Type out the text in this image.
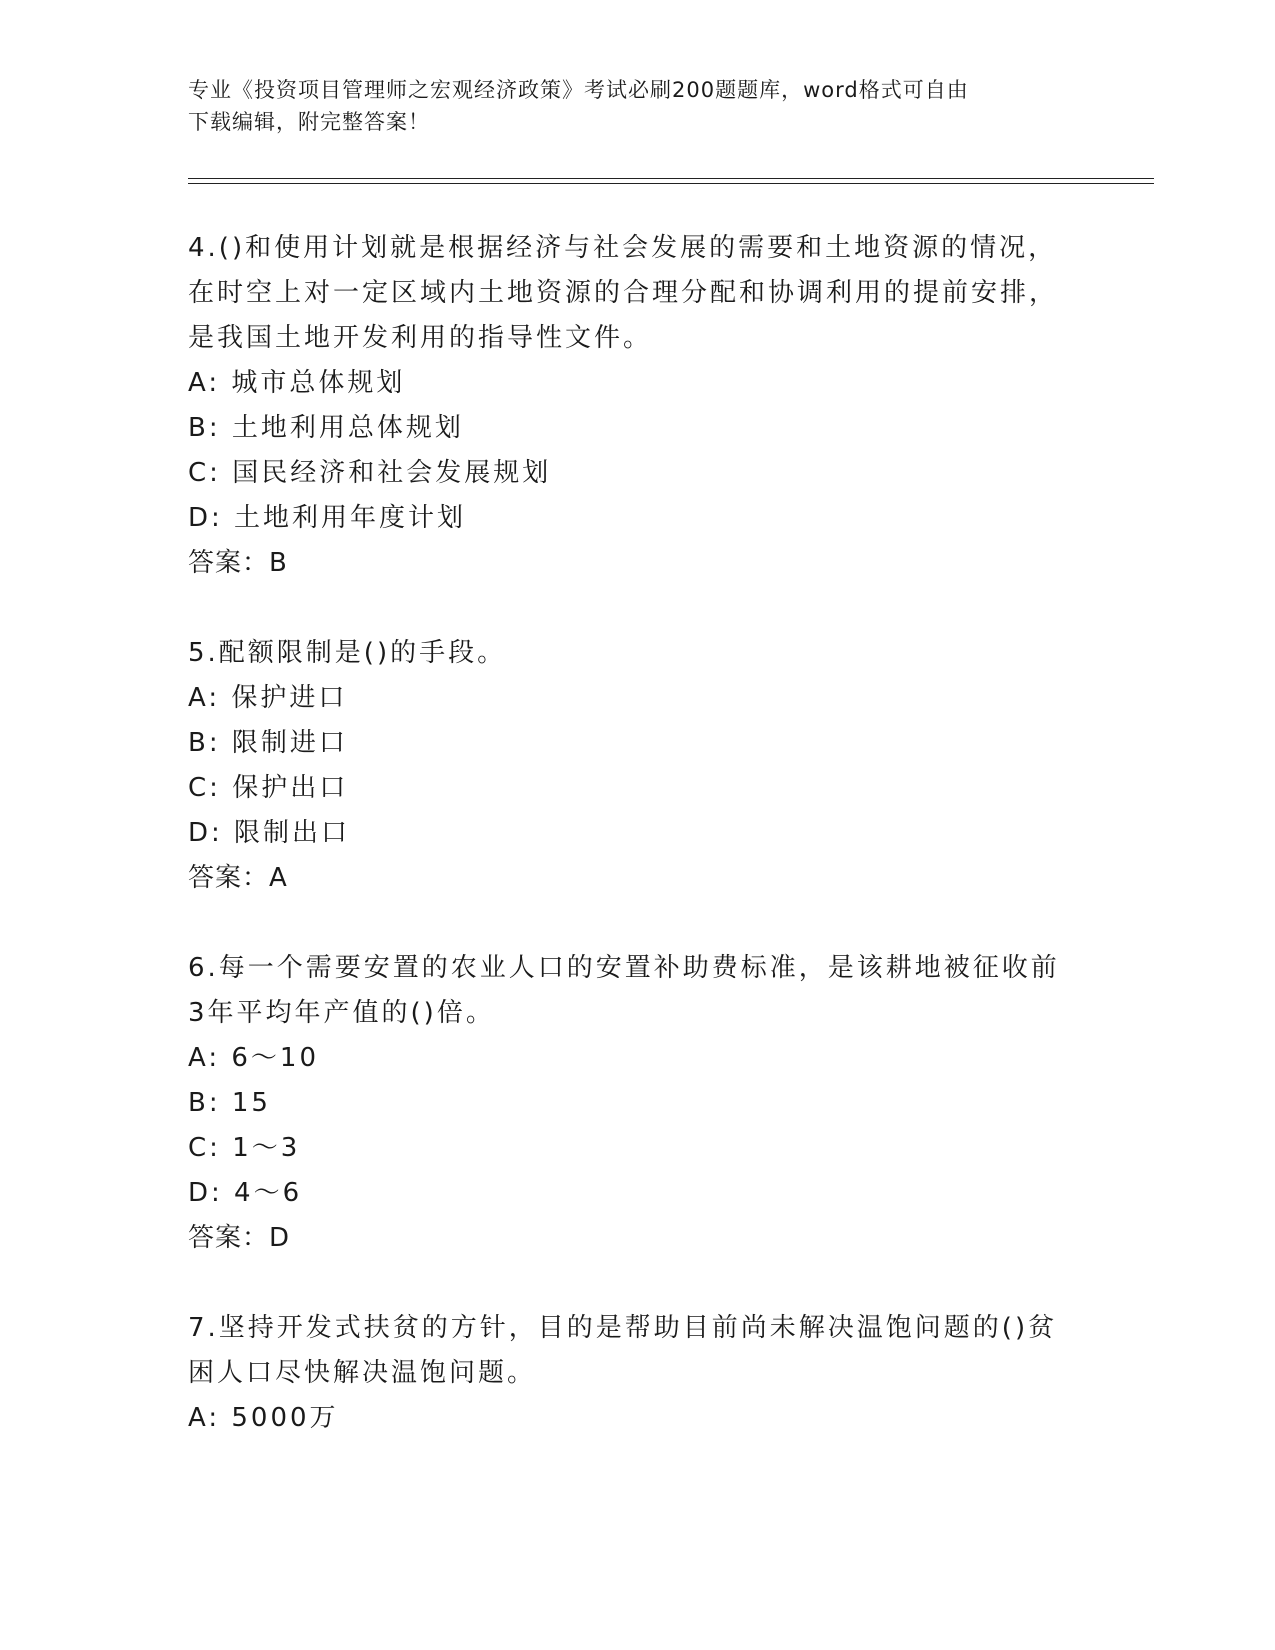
专业《投资项目管理师之宏观经济政策》考试必刷200题题库，word格式可自由
下载编辑，附完整答案！
4.()和使用计划就是根据经济与社会发展的需要和土地资源的情况，
在时空上对一定区域内土地资源的合理分配和协调利用的提前安排，
是我国土地开发利用的指导性文件。
A: 城市总体规划
B: 土地利用总体规划
C: 国民经济和社会发展规划
D: 土地利用年度计划
答案：B
5.配额限制是()的手段。
A: 保护进口
B: 限制进口
C: 保护出口
D: 限制出口
答案：A
6.每一个需要安置的农业人口的安置补助费标准，是该耕地被征收前
3年平均年产值的()倍。
A: 6～10
B: 15
C: 1～3
D: 4～6
答案：D
7.坚持开发式扶贫的方针，目的是帮助目前尚未解决温饱问题的()贫
困人口尽快解决温饱问题。
A: 5000万
